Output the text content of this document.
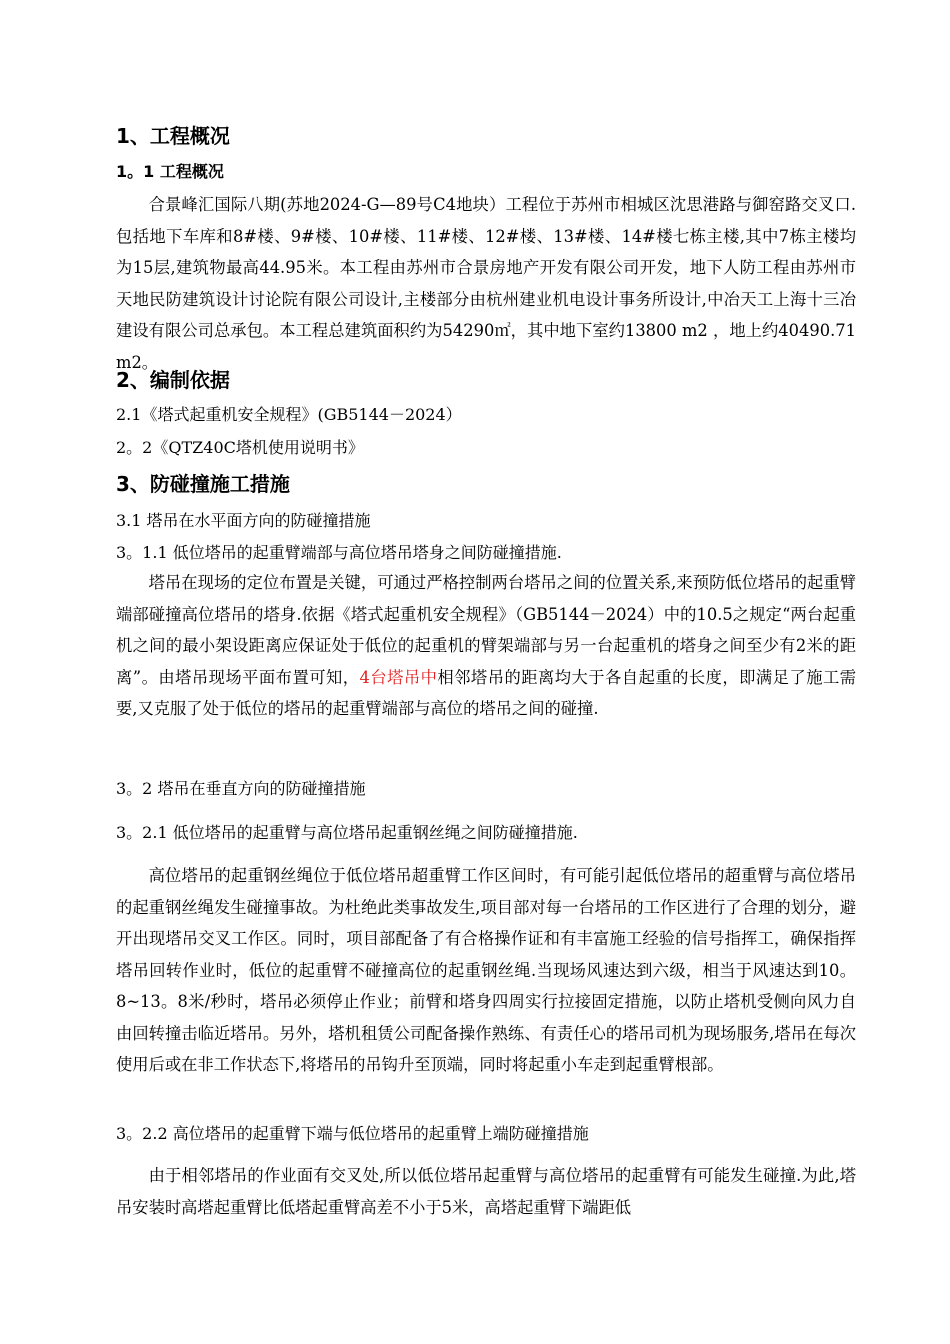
1、工程概况
1。1 工程概况

合景峰汇国际八期(苏地2024-G—89号C4地块）工程位于苏州市相城区沈思港路与御窑路交叉口.包括地下车库和8#楼、9#楼、10#楼、11#楼、12#楼、13#楼、14#楼七栋主楼,其中7栋主楼均为15层,建筑物最高44.95米。本工程由苏州市合景房地产开发有限公司开发，地下人防工程由苏州市天地民防建筑设计讨论院有限公司设计,主楼部分由杭州建业机电设计事务所设计,中冶天工上海十三冶建设有限公司总承包。本工程总建筑面积约为54290㎡，其中地下室约13800 m2 ，地上约40490.71 m2。

2、编制依据

2.1《塔式起重机安全规程》(GB5144－2024）

2。2《QTZ40C塔机使用说明书》

3、防碰撞施工措施

3.1 塔吊在水平面方向的防碰撞措施

3。1.1 低位塔吊的起重臂端部与高位塔吊塔身之间防碰撞措施.

塔吊在现场的定位布置是关键，可通过严格控制两台塔吊之间的位置关系,来预防低位塔吊的起重臂端部碰撞高位塔吊的塔身.依据《塔式起重机安全规程》（GB5144－2024）中的10.5之规定“两台起重机之间的最小架设距离应保证处于低位的起重机的臂架端部与另一台起重机的塔身之间至少有2米的距离”。由塔吊现场平面布置可知，4台塔吊中相邻塔吊的距离均大于各自起重的长度，即满足了施工需要,又克服了处于低位的塔吊的起重臂端部与高位的塔吊之间的碰撞.

3。2 塔吊在垂直方向的防碰撞措施

3。2.1 低位塔吊的起重臂与高位塔吊起重钢丝绳之间防碰撞措施.

高位塔吊的起重钢丝绳位于低位塔吊超重臂工作区间时，有可能引起低位塔吊的超重臂与高位塔吊的起重钢丝绳发生碰撞事故。为杜绝此类事故发生,项目部对每一台塔吊的工作区进行了合理的划分，避开出现塔吊交叉工作区。同时，项目部配备了有合格操作证和有丰富施工经验的信号指挥工，确保指挥塔吊回转作业时，低位的起重臂不碰撞高位的起重钢丝绳.当现场风速达到六级，相当于风速达到10。8~13。8米/秒时，塔吊必须停止作业；前臂和塔身四周实行拉接固定措施，以防止塔机受侧向风力自由回转撞击临近塔吊。另外，塔机租赁公司配备操作熟练、有责任心的塔吊司机为现场服务,塔吊在每次使用后或在非工作状态下,将塔吊的吊钩升至顶端，同时将起重小车走到起重臂根部。

3。2.2 高位塔吊的起重臂下端与低位塔吊的起重臂上端防碰撞措施

由于相邻塔吊的作业面有交叉处,所以低位塔吊起重臂与高位塔吊的起重臂有可能发生碰撞.为此,塔吊安装时高塔起重臂比低塔起重臂高差不小于5米，高塔起重臂下端距低
